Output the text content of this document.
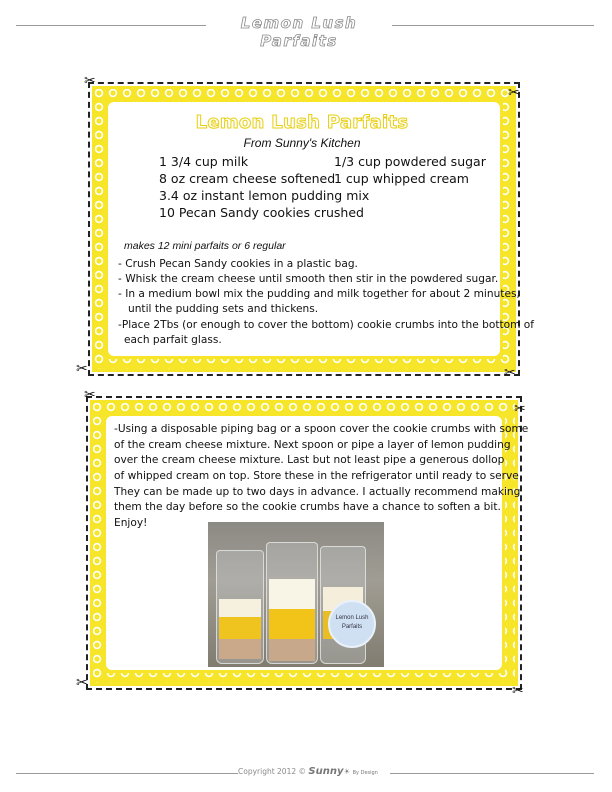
Lemon Lush Parfaits
✂
✂
✂	✂
Lemon Lush Parfaits
From Sunny's Kitchen
1 3/4 cup milk
8 oz cream cheese softened
3.4 oz instant lemon pudding mix
10 Pecan Sandy cookies crushed
1/3 cup powdered sugar
1 cup whipped cream
makes 12 mini parfaits or 6 regular
- Crush Pecan Sandy cookies in a plastic bag.
- Whisk the cream cheese until smooth then stir in the powdered sugar.
- In a medium bowl mix the pudding and milk together for about 2 minutes,
until the pudding sets and thickens.
-Place 2Tbs (or enough to cover the bottom) cookie crumbs into the bottom of
each parfait glass.
✂
✂
✂	✂
-Using a disposable piping bag or a spoon cover the cookie crumbs with some
of the cream cheese mixture. Next spoon or pipe a layer of lemon pudding
over the cream cheese mixture. Last but not least pipe a generous dollop
of whipped cream on top. Store these in the refrigerator until ready to serve.
They can be made up to two days in advance. I actually recommend making
them the day before so the cookie crumbs have a chance to soften a bit.
Enjoy!
Lemon Lush
Parfaits
Copyright 2012 © Sunny☀ By Design
